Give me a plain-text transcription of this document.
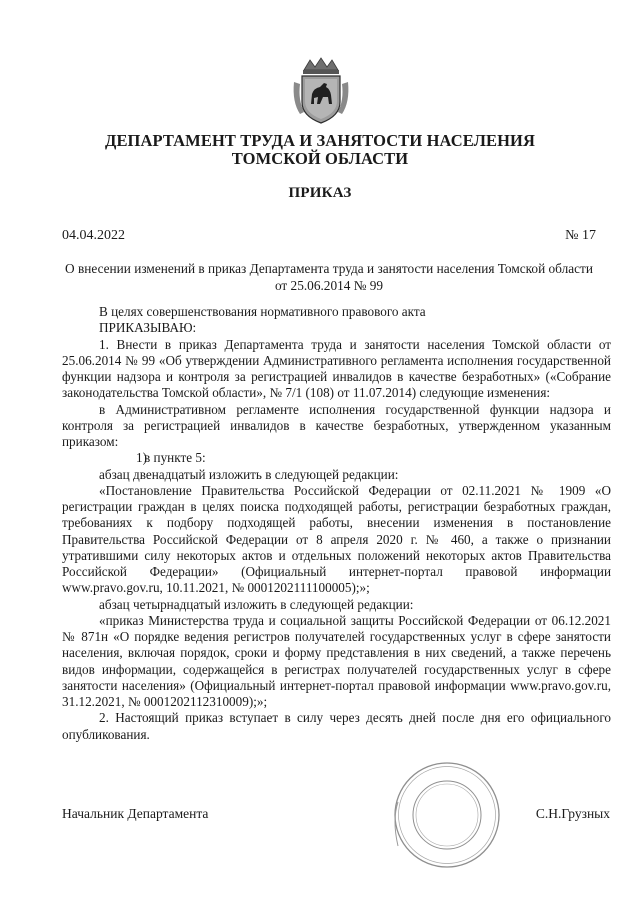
ДЕПАРТАМЕНТ ТРУДА И ЗАНЯТОСТИ НАСЕЛЕНИЯ
ТОМСКОЙ ОБЛАСТИ
ПРИКАЗ
04.04.2022	№ 17
О внесении изменений в приказ Департамента труда и занятости населения Томской области от 25.06.2014 № 99

В целях совершенствования нормативного правового акта

ПРИКАЗЫВАЮ:

1. Внести в приказ Департамента труда и занятости населения Томской области от 25.06.2014 № 99 «Об утверждении Административного регламента исполнения государственной функции надзора и контроля за регистрацией инвалидов в качестве безработных» («Собрание законодательства Томской области», № 7/1 (108) от 11.07.2014) следующие изменения:

в Административном регламенте исполнения государственной функции надзора и контроля за регистрацией инвалидов в качестве безработных, утвержденном указанным приказом:

1)в пункте 5:

абзац двенадцатый изложить в следующей редакции:

«Постановление Правительства Российской Федерации от 02.11.2021 № 1909 «О регистрации граждан в целях поиска подходящей работы, регистрации безработных граждан, требованиях к подбору подходящей работы, внесении изменения в постановление Правительства Российской Федерации от 8 апреля 2020 г. № 460, а также о признании утратившими силу некоторых актов и отдельных положений некоторых актов Правительства Российской Федерации» (Официальный интернет-портал правовой информации www.pravo.gov.ru, 10.11.2021, № 0001202111100005);»;

абзац четырнадцатый изложить в следующей редакции:

«приказ Министерства труда и социальной защиты Российской Федерации от 06.12.2021 № 871н «О порядке ведения регистров получателей государственных услуг в сфере занятости населения, включая порядок, сроки и форму представления в них сведений, а также перечень видов информации, содержащейся в регистрах получателей государственных услуг в сфере занятости населения» (Официальный интернет-портал правовой информации www.pravo.gov.ru, 31.12.2021, № 0001202112310009);»;

2. Настоящий приказ вступает в силу через десять дней после дня его официального опубликования.

Начальник Департамента	С.Н.Грузных
